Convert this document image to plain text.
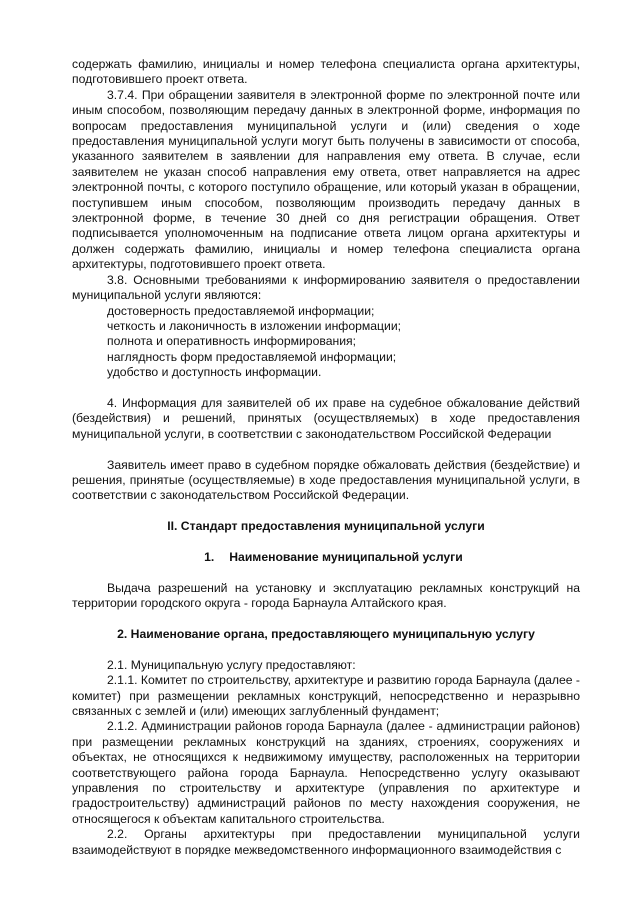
содержать фамилию, инициалы и номер телефона специалиста органа архитектуры, подготовившего проект ответа.

3.7.4. При обращении заявителя в электронной форме по электронной почте или иным способом, позволяющим передачу данных в электронной форме, информация по вопросам предоставления муниципальной услуги и (или) сведения о ходе предоставления муниципальной услуги могут быть получены в зависимости от способа, указанного заявителем в заявлении для направления ему ответа. В случае, если заявителем не указан способ направления ему ответа, ответ направляется на адрес электронной почты, с которого поступило обращение, или который указан в обращении, поступившем иным способом, позволяющим производить передачу данных в электронной форме, в течение 30 дней со дня регистрации обращения. Ответ подписывается уполномоченным на подписание ответа лицом органа архитектуры и должен содержать фамилию, инициалы и номер телефона специалиста органа архитектуры, подготовившего проект ответа.

3.8. Основными требованиями к информированию заявителя о предоставлении муниципальной услуги являются:

достоверность предоставляемой информации;

четкость и лаконичность в изложении информации;

полнота и оперативность информирования;

наглядность форм предоставляемой информации;

удобство и доступность информации.

4. Информация для заявителей об их праве на судебное обжалование действий (бездействия) и решений, принятых (осуществляемых) в ходе предоставления муниципальной услуги, в соответствии с законодательством Российской Федерации

Заявитель имеет право в судебном порядке обжаловать действия (бездействие) и решения, принятые (осуществляемые) в ходе предоставления муниципальной услуги, в соответствии с законодательством Российской Федерации.

II. Стандарт предоставления муниципальной услуги

1. Наименование муниципальной услуги

Выдача разрешений на установку и эксплуатацию рекламных конструкций на территории городского округа - города Барнаула Алтайского края.

2. Наименование органа, предоставляющего муниципальную услугу

2.1. Муниципальную услугу предоставляют:

2.1.1. Комитет по строительству, архитектуре и развитию города Барнаула (далее - комитет) при размещении рекламных конструкций, непосредственно и неразрывно связанных с землей и (или) имеющих заглубленный фундамент;

2.1.2. Администрации районов города Барнаула (далее - администрации районов) при размещении рекламных конструкций на зданиях, строениях, сооружениях и объектах, не относящихся к недвижимому имуществу, расположенных на территории соответствующего района города Барнаула. Непосредственно услугу оказывают управления по строительству и архитектуре (управления по архитектуре и градостроительству) администраций районов по месту нахождения сооружения, не относящегося к объектам капитального строительства.

2.2. Органы архитектуры при предоставлении муниципальной услуги взаимодействуют в порядке межведомственного информационного взаимодействия с
